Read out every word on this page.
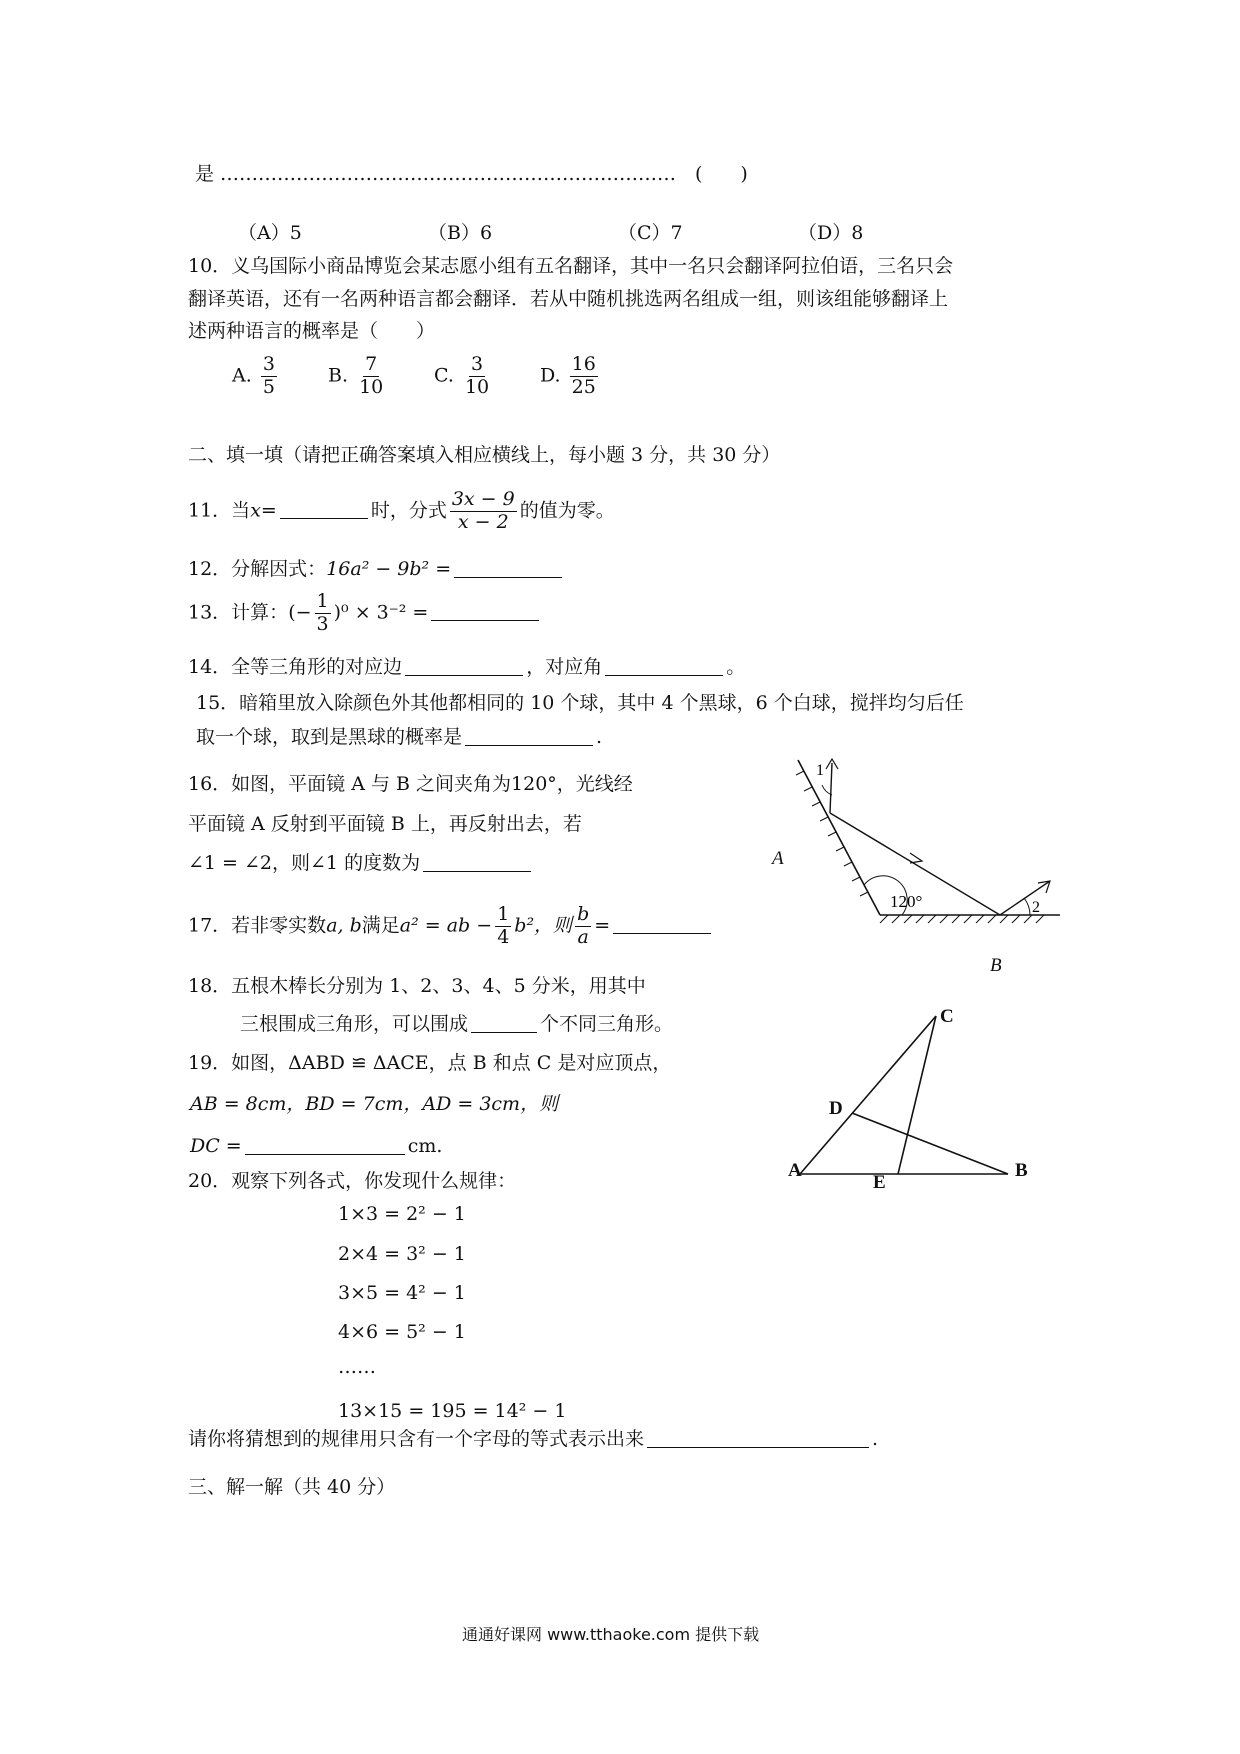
是 ……………………………………………………………… (　　)
（A）5	（B）6	（C）7	（D）8
10．义乌国际小商品博览会某志愿小组有五名翻译，其中一名只会翻译阿拉伯语，三名只会
翻译英语，还有一名两种语言都会翻译．若从中随机挑选两名组成一组，则该组能够翻译上
述两种语言的概率是（　　）
A. $\frac{3}{5}$	B. $\frac{7}{10}$	C. $\frac{3}{10}$	D. $\frac{16}{25}$
二、填一填（请把正确答案填入相应横线上，每小题 3 分，共 30 分）
11．当x=	时，分式 $\frac{3x - 9}{x - 2}$ 的值为零。
12．分解因式：16a² − 9b² =
13．计算：(− $\frac{1}{3} )^0 \times 3^{-2}$ =
14．全等三角形的对应边	，对应角	。
15．暗箱里放入除颜色外其他都相同的 10 个球，其中 4 个黑球，6 个白球，搅拌均匀后任
取一个球，取到是黑球的概率是	.
16．如图，平面镜 A 与 B 之间夹角为120°，光线经
平面镜 A 反射到平面镜 B 上，再反射出去，若
∠1 = ∠2，则∠1 的度数为
17．若非零实数a, b满足a² = ab − $\frac{1}{4} b^2$，则 $\frac{b}{a}$ =
18．五根木棒长分别为 1、2、3、4、5 分米，用其中
三根围成三角形，可以围成	个不同三角形。
19．如图，ΔABD ≌ ΔACE，点 B 和点 C 是对应顶点，
AB = 8cm，BD = 7cm，AD = 3cm，则
DC =	cm.
20．观察下列各式，你发现什么规律：
1×3 = 2² − 1
2×4 = 3² − 1
3×5 = 4² − 1
4×6 = 5² − 1
……
13×15 = 195 = 14² − 1
请你将猜想到的规律用只含有一个字母的等式表示出来	.
三、解一解（共 40 分）
1
2
120°
A
B
C
D
A
E
B
通通好课网 www.tthaoke.com 提供下载
